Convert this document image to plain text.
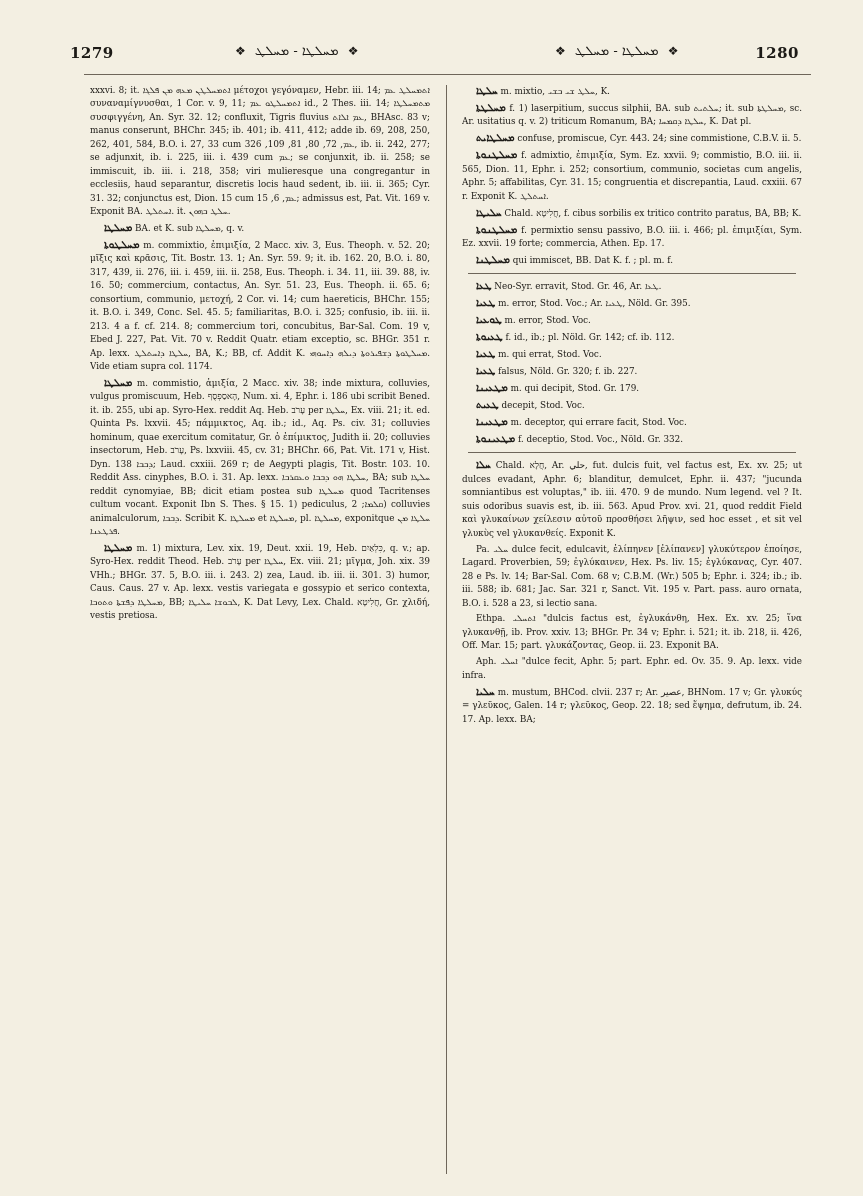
1279	❖ ܡܚܠܛܐ - ܡܚܠܛ ❖	❖ ܡܚܠܛܐ - ܡܚܠܛ ❖	1280

xxxvi. 8; it. ܐܬܡܚܠܛܢ ܡܥܗ ܡܢ ܦܠܓܐ μέτοχοι γεγόναμεν, Hebr. iii. 14; ܐܬܡܚܠܛ ܥܡ συναναμίγνυσθαι, 1 Cor. v. 9, 11; ܐܬܡܚܠܛܘ ܥܡ id., 2 Thes. iii. 14; ܡܬܡܚܠܛܐ συσφιγγένη, An. Syr. 32. 12; confluxit, Tigris fluvius ܥܡ ܐܠܐܬ, BHAsc. 83 v; manus conserunt, BHChr. 345; ib. 401; ib. 411, 412; adde ib. 69, 208, 250, 262, 401, 584, B.O. i. 27, 33 cum ܥܡ, 72, 80, 81, 109, 326, ib. ii. 242, 277; se adjunxit, ib. i. 225, iii. i. 439 cum ܥܡ; se conjunxit, ib. ii. 258; se immiscuit, ib. iii. i. 218, 358; viri mulieresque una congregantur in ecclesiis, haud separantur, discretis locis haud sedent, ib. iii. ii. 365; Cyr. 31. 32; conjunctus est, Dion. 15 cum ܥܡ, 6, 15; admissus est, Pat. Vit. 169 v. Exponit BA. ܐܚܬܠܛ. it. ܚܠܛ ܒܗܘܢ.

ܡܚܠܛܐ BA. et K. sub ܡܚܠܛܐ, q. v.

ܡܚܠܛܘܬܐ m. commixtio, ἐπιμιξία, 2 Macc. xiv. 3, Eus. Theoph. v. 52. 20; μῖξις καὶ κρᾶσις, Tit. Bostr. 13. 1; An. Syr. 59. 9; it. ib. 162. 20, B.O. i. 80, 317, 439, ii. 276, iii. i. 459, iii. ii. 258, Eus. Theoph. i. 34. 11, iii. 39. 88, iv. 16. 50; commercium, contactus, An. Syr. 51. 23, Eus. Theoph. ii. 65. 6; consortium, communio, μετοχή, 2 Cor. vi. 14; cum haereticis, BHChr. 155; it. B.O. i. 349, Conc. Sel. 45. 5; familiaritas, B.O. i. 325; confusio, ib. iii. ii. 213. 4 a f. cf. 214. 8; commercium tori, concubitus, Bar-Sal. Com. 19 v, Ebed J. 227, Pat. Vit. 70 v. Reddit Quatr. etiam exceptio, sc. BHGr. 351 r. Ap. lexx. ܚܠܛܐ ܕܐܚܬܠܛ, BA, K.; BB, cf. Addit K. ܡܚܠܛܘܬܐ ܕܫܦܝܪܘܬܐ ܕܝܠܗ ܕܐܚܘܗܝ. Vide etiam supra col. 1174.

ܡܚܠܛܐ m. commistio, ἀμιξία, 2 Macc. xiv. 38; inde mixtura, colluvies, vulgus promiscuum, Heb. הָאסַפְסֻף, Num. xi. 4, Ephr. i. 186 ubi scribit Bened. it. ib. 255, ubi ap. Syro-Hex. reddit Aq. Heb. עָרֹב per ܚܠܛܐ, Ex. viii. 21; it. ed. Quinta Ps. lxxvii. 45; πάμμικτος, Aq. ib.; id., Aq. Ps. civ. 31; colluvies hominum, quae exercitum comitatur, Gr. ὁ ἐπίμικτος, Judith ii. 20; colluvies insectorum, Heb. עָרֹב, Ps. lxxviii. 45, cv. 31; BHChr. 66, Pat. Vit. 171 v, Hist. Dyn. 138 ܕܒܒܐ; Laud. cxxiii. 269 r; de Aegypti plagis, Tit. Bostr. 103. 10. Reddit Ass. cinyphes, B.O. i. 31. Ap. lexx. ܚܠܛܐ ܗܘ ܕܒܒܐ ܘܥܩܪܒܐ, BA; sub ܚܠܛܐ reddit cynomyiae, BB; dicit etiam postea sub ܡܚܠܛܐ quod Tacritenses cultum vocant. Exponit Ibn S. Thes. § 15. 1) pediculus, ܩܠܡܐ; 2) colluvies animalculorum, ܕܒܒܐ. Scribit K. ܡܚܠܛܐ et ܡܚܠܛܐ, pl. ܡܚܠܛܐ, exponitque ܚܠܛܐ ܡܢ ܦܪܛܥܢܐ.

ܡܚܠܛܐ m. 1) mixtura, Lev. xix. 19, Deut. xxii. 19, Heb. כִּלְאַיִם, q. v.; ap. Syro-Hex. reddit Theod. Heb. עָרֹב per ܚܠܛܐ, Ex. viii. 21; μῖγμα, Joh. xix. 39 VHh.; BHGr. 37. 5, B.O. iii. i. 243. 2) zea, Laud. ib. iii. ii. 301. 3) humor, Caus. Caus. 27 v. Ap. lexx. vestis variegata e gossypio et serico contexta, ܡܚܠܛܐ ܕܦܫܬܐ ܘܬܘܒܐ, BB; ܠܒܘܫܐ ܚܠܝܛܐ, K. Dat Levy, Lex. Chald. חֲלִיטָא, Gr. χλιδή, vestis pretiosa.

ܚܠܛܐ m. mixtio, ܚܠܛ ܫܝ ܒܫܝ, K.

ܡܚܠܛܬܐ f. 1) laserpitium, succus silphii, BA. sub ܚܠܬܝܬ; it. sub ܡܚܠܛܬܐ, sc. Ar. usitatius q. v. 2) triticum Romanum, BA; ܚܠܛܐ ܕܩܡܚܐ, K. Dat pl.

ܡܚܠܛܐܝܬ confuse, promiscue, Cyr. 443. 24; sine commistione, C.B.V. ii. 5.

ܡܚܠܛܢܘܬܐ f. admixtio, ἐπιμιξία, Sym. Ez. xxvii. 9; commistio, B.O. iii. ii. 565, Dion. 11, Ephr. i. 252; consortium, communio, societas cum angelis, Aphr. 5; affabilitas, Cyr. 31. 15; congruentia et discrepantia, Laud. cxxiii. 67 r. Exponit K. ܐܚܬܠܛ.

ܚܠܝܛܐ Chald. חֲלִיטָא, f. cibus sorbilis ex tritico contrito paratus, BA, BB; K.

ܡܚܠܛܢܘܬܐ f. permixtio sensu passivo, B.O. iii. i. 466; pl. ἐπιμιξίαι, Sym. Ez. xxvii. 19 forte; commercia, Athen. Ep. 17.

ܡܚܠܛܢܐ qui immiscet, BB. Dat K. f. ; pl. m. f.

ܛܥܐ Neo-Syr. erravit, Stod. Gr. 46, Ar. ܛܥܐ.

ܛܥܝܐ m. error, Stod. Voc.; Ar. ܛܥܝܐ, Nöld. Gr. 395.

ܛܘܥܝܐ m. error, Stod. Voc.

ܛܥܝܘܬܐ f. id., ib.; pl. Nöld. Gr. 142; cf. ib. 112.

ܛܥܝܐ m. qui errat, Stod. Voc.

ܛܥܝܐ falsus, Nöld. Gr. 320; f. ib. 227.

ܡܛܥܝܢܐ m. qui decipit, Stod. Gr. 179.

ܛܥܝܬ decepit, Stod. Voc.

ܡܛܥܝܢܐ m. deceptor, qui errare facit, Stod. Voc.

ܡܛܥܝܢܘܬܐ f. deceptio, Stod. Voc., Nöld. Gr. 332.

ܚܠܐ Chald. חֲלָא, Ar. حلي, fut. dulcis fuit, vel factus est, Ex. xv. 25; ut dulces evadant, Aphr. 6; blanditur, demulcet, Ephr. ii. 437; "jucunda somniantibus est voluptas," ib. iii. 470. 9 de mundo. Num legend. vel ? It. suis odoribus suavis est, ib. iii. 563. Apud Prov. xvi. 21, quod reddit Field καὶ γλυκαίνων χείλεσιν αὐτοῦ προσθήσει λῆψιν, sed hoc esset , et sit vel γλυκὺς vel γλυκανθείς. Exponit K.

Pa. ܚܠܝ dulce fecit, edulcavit, ἐλίπηνεν [ἐλίπανεν] γλυκύτερον ἐποίησε, Lagard. Proverbien, 59; ἐγλύκαινεν, Hex. Ps. liv. 15; ἐγλύκανας, Cyr. 407. 28 e Ps. lv. 14; Bar-Sal. Com. 68 v; C.B.M. (Wr.) 505 b; Ephr. i. 324; ib.; ib. iii. 588; ib. 681; Jac. Sar. 321 r, Sanct. Vit. 195 v. Part. pass. auro ornata, B.O. i. 528 a 23, si lectio sana.

Ethpa. ܐܬܚܠܝ "dulcis factus est, ἐγλυκάνθη, Hex. Ex. xv. 25; ἵνα γλυκανθῇ, ib. Prov. xxiv. 13; BHGr. Pr. 34 v; Ephr. i. 521; it. ib. 218, ii. 426, Off. Mar. 15; part. γλυκάζοντας, Geop. ii. 23. Exponit BA.

Aph. ܐܚܠܝ "dulce fecit, Aphr. 5; part. Ephr. ed. Ov. 35. 9. Ap. lexx. vide infra.

ܚܠܝܐ m. mustum, BHCod. clvii. 237 r; Ar. عصير, BHNom. 17 v; Gr. γλυκύς = γλεῦκος, Galen. 14 r; γλεῦκος, Geop. 22. 18; sed ἕψημα, defrutum, ib. 24. 17. Ap. lexx. BA;
